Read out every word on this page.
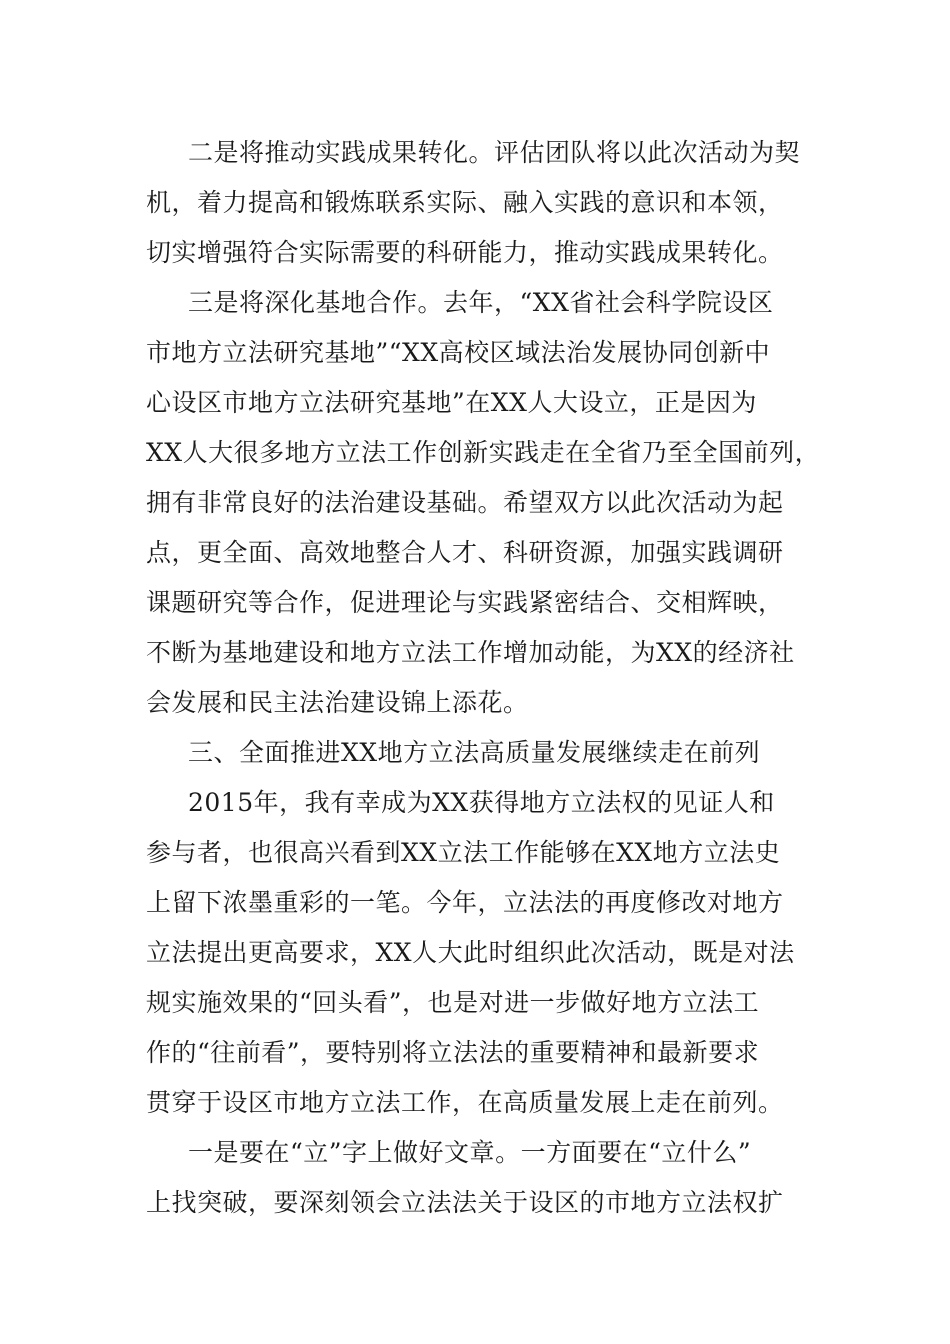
二是将推动实践成果转化。评估团队将以此次活动为契
机，着力提高和锻炼联系实际、融入实践的意识和本领，
切实增强符合实际需要的科研能力，推动实践成果转化。
三是将深化基地合作。去年，“XX省社会科学院设区
市地方立法研究基地”“XX高校区域法治发展协同创新中
心设区市地方立法研究基地”在XX人大设立，正是因为
XX人大很多地方立法工作创新实践走在全省乃至全国前列，
拥有非常良好的法治建设基础。希望双方以此次活动为起
点，更全面、高效地整合人才、科研资源，加强实践调研
课题研究等合作，促进理论与实践紧密结合、交相辉映，
不断为基地建设和地方立法工作增加动能，为XX的经济社
会发展和民主法治建设锦上添花。
三、全面推进XX地方立法高质量发展继续走在前列
2015年，我有幸成为XX获得地方立法权的见证人和
参与者，也很高兴看到XX立法工作能够在XX地方立法史
上留下浓墨重彩的一笔。今年，立法法的再度修改对地方
立法提出更高要求，XX人大此时组织此次活动，既是对法
规实施效果的“回头看”，也是对进一步做好地方立法工
作的“往前看”，要特别将立法法的重要精神和最新要求
贯穿于设区市地方立法工作，在高质量发展上走在前列。
一是要在“立”字上做好文章。一方面要在“立什么”
上找突破，要深刻领会立法法关于设区的市地方立法权扩
